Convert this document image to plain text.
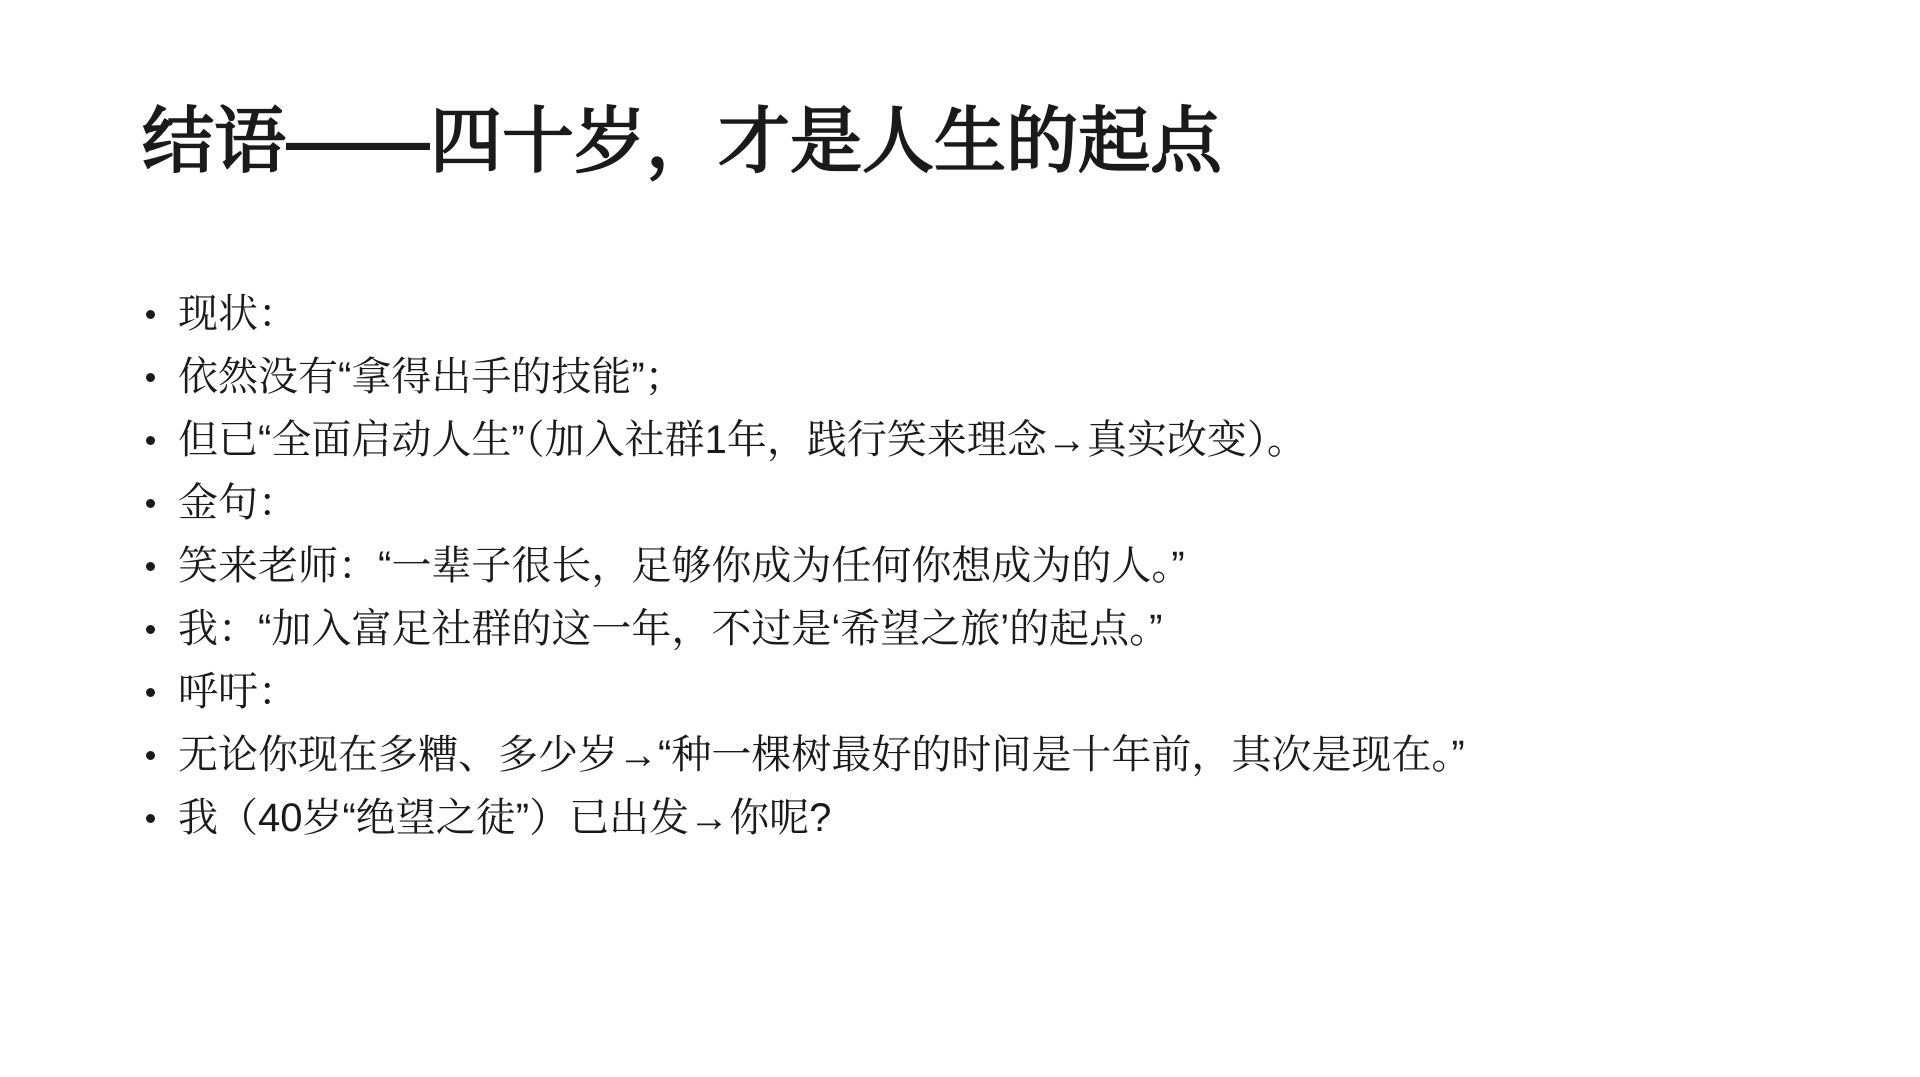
结语——四十岁，才是人生的起点
现状：
依然没有“拿得出手的技能”；
但已“全面启动人生”（加入社群1年，践行笑来理念→真实改变）。
金句：
笑来老师：“一辈子很长，足够你成为任何你想成为的人。”
我：“加入富足社群的这一年，不过是‘希望之旅’的起点。”
呼吁：
无论你现在多糟、多少岁→“种一棵树最好的时间是十年前，其次是现在。”
我（40岁“绝望之徒”）已出发→你呢?
